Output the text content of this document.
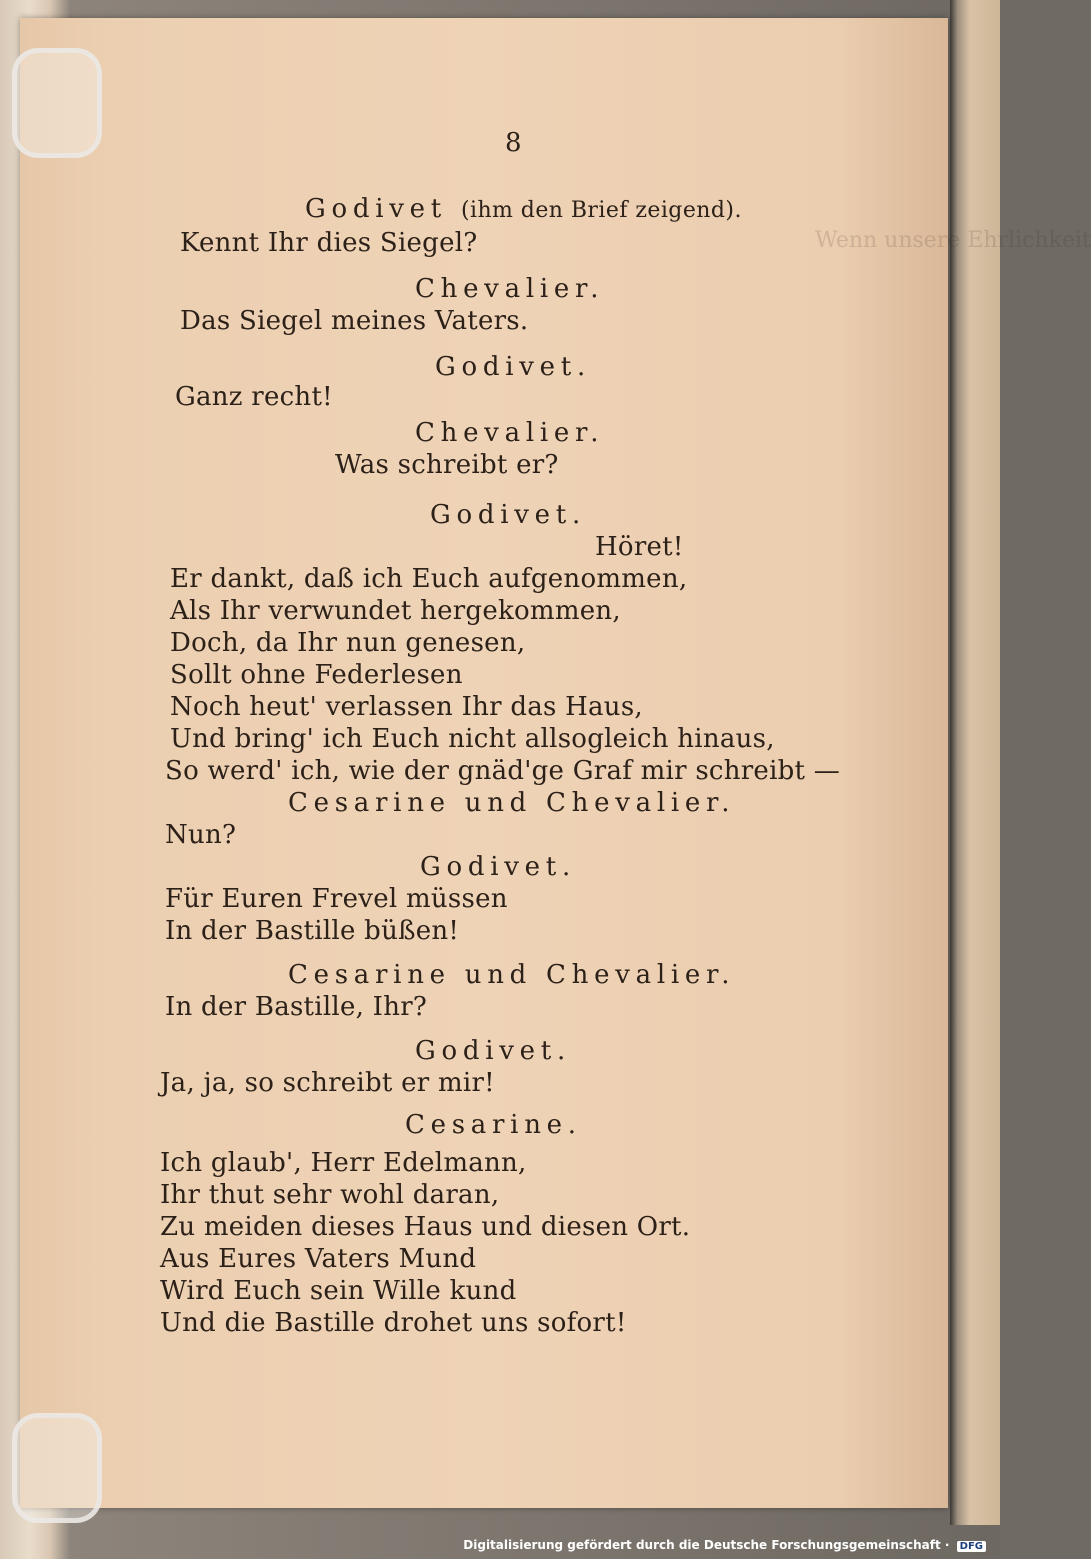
Wenn unsere Ehrlichkeit
8
Godivet (ihm den Brief zeigend).
Kennt Ihr dies Siegel?
Chevalier.
Das Siegel meines Vaters.
Godivet.
Ganz recht!
Chevalier.
Was schreibt er?
Godivet.
Höret!
Er dankt, daß ich Euch aufgenommen,
Als Ihr verwundet hergekommen,
Doch, da Ihr nun genesen,
Sollt ohne Federlesen
Noch heut' verlassen Ihr das Haus,
Und bring' ich Euch nicht allsogleich hinaus,
So werd' ich, wie der gnäd'ge Graf mir schreibt —
Cesarine und Chevalier.
Nun?
Godivet.
Für Euren Frevel müssen
In der Bastille büßen!
Cesarine und Chevalier.
In der Bastille, Ihr?
Godivet.
Ja, ja, so schreibt er mir!
Cesarine.
Ich glaub', Herr Edelmann,
Ihr thut sehr wohl daran,
Zu meiden dieses Haus und diesen Ort.
Aus Eures Vaters Mund
Wird Euch sein Wille kund
Und die Bastille drohet uns sofort!
Digitalisierung gefördert durch die Deutsche Forschungsgemeinschaft · DFG
